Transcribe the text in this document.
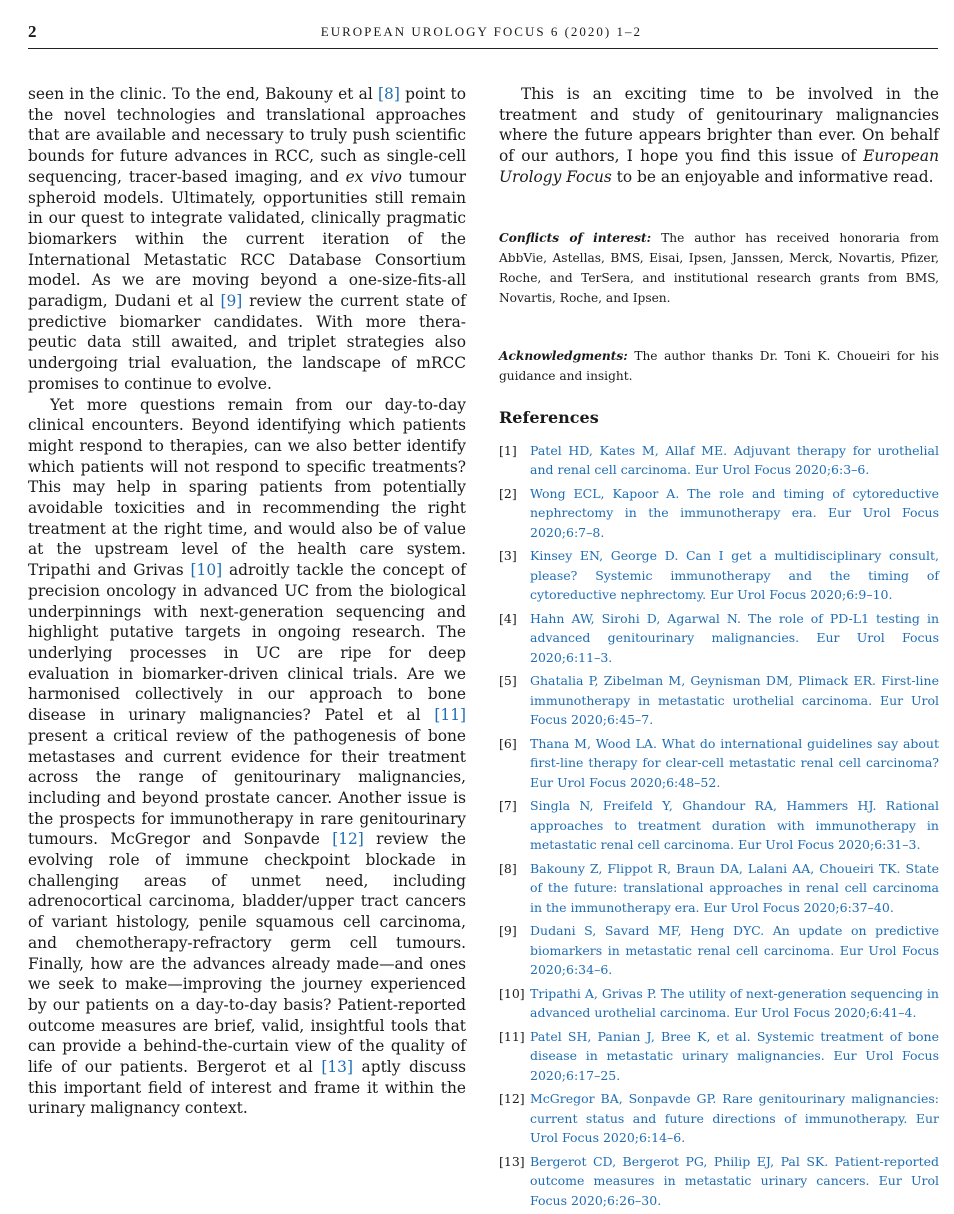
2	EUROPEAN UROLOGY FOCUS 6 (2020) 1–2

seen in the clinic. To the end, Bakouny et al [8] point to the novel technologies and translational approaches that are available and necessary to truly push scientific bounds for future advances in RCC, such as single-cell sequencing, tracer-based imaging, and ex vivo tumour spheroid models. Ultimately, opportunities still remain in our quest to integrate validated, clinically pragmatic biomarkers within the current iteration of the International Metastatic RCC Database Consortium model. As we are moving beyond a one-size-fits-all paradigm, Dudani et al [9] review the current state of predictive biomarker candidates. With more therapeutic data still awaited, and triplet strategies also undergoing trial evaluation, the landscape of mRCC promises to continue to evolve.

Yet more questions remain from our day-to-day clinical encounters. Beyond identifying which patients might respond to therapies, can we also better identify which patients will not respond to specific treatments? This may help in sparing patients from potentially avoidable toxicities and in recommending the right treatment at the right time, and would also be of value at the upstream level of the health care system. Tripathi and Grivas [10] adroitly tackle the concept of precision oncology in advanced UC from the biological underpinnings with next-generation sequencing and highlight putative targets in ongoing research. The underlying processes in UC are ripe for deep evaluation in biomarker-driven clinical trials. Are we harmonised collectively in our approach to bone disease in urinary malignancies? Patel et al [11] present a critical review of the pathogenesis of bone metastases and current evidence for their treatment across the range of genitourinary malignancies, including and beyond prostate cancer. Another issue is the prospects for immunotherapy in rare genitourinary tumours. McGregor and Sonpavde [12] review the evolving role of immune checkpoint blockade in challenging areas of unmet need, including adrenocortical carcinoma, bladder/upper tract cancers of variant histology, penile squamous cell carcinoma, and chemotherapy-refractory germ cell tumours. Finally, how are the advances already made—and ones we seek to make—improving the journey experienced by our patients on a day-to-day basis? Patient-reported outcome measures are brief, valid, insightful tools that can provide a behind-the-curtain view of the quality of life of our patients. Bergerot et al [13] aptly discuss this important field of interest and frame it within the urinary malignancy context.

This is an exciting time to be involved in the treatment and study of genitourinary malignancies where the future appears brighter than ever. On behalf of our authors, I hope you find this issue of European Urology Focus to be an enjoyable and informative read.

Conflicts of interest: The author has received honoraria from AbbVie, Astellas, BMS, Eisai, Ipsen, Janssen, Merck, Novartis, Pfizer, Roche, and TerSera, and institutional research grants from BMS, Novartis, Roche, and Ipsen.

Acknowledgments: The author thanks Dr. Toni K. Choueiri for his guidance and insight.

References
[1]	Patel HD, Kates M, Allaf ME. Adjuvant therapy for urothelial and renal cell carcinoma. Eur Urol Focus 2020;6:3–6.
[2]	Wong ECL, Kapoor A. The role and timing of cytoreductive nephrectomy in the immunotherapy era. Eur Urol Focus 2020;6:7–8.
[3]	Kinsey EN, George D. Can I get a multidisciplinary consult, please? Systemic immunotherapy and the timing of cytoreductive nephrectomy. Eur Urol Focus 2020;6:9–10.
[4]	Hahn AW, Sirohi D, Agarwal N. The role of PD-L1 testing in advanced genitourinary malignancies. Eur Urol Focus 2020;6:11–3.
[5]	Ghatalia P, Zibelman M, Geynisman DM, Plimack ER. First-line immunotherapy in metastatic urothelial carcinoma. Eur Urol Focus 2020;6:45–7.
[6]	Thana M, Wood LA. What do international guidelines say about first-line therapy for clear-cell metastatic renal cell carcinoma? Eur Urol Focus 2020;6:48–52.
[7]	Singla N, Freifeld Y, Ghandour RA, Hammers HJ. Rational approaches to treatment duration with immunotherapy in metastatic renal cell carcinoma. Eur Urol Focus 2020;6:31–3.
[8]	Bakouny Z, Flippot R, Braun DA, Lalani AA, Choueiri TK. State of the future: translational approaches in renal cell carcinoma in the immunotherapy era. Eur Urol Focus 2020;6:37–40.
[9]	Dudani S, Savard MF, Heng DYC. An update on predictive biomarkers in metastatic renal cell carcinoma. Eur Urol Focus 2020;6:34–6.
[10] Tripathi A, Grivas P. The utility of next-generation sequencing in advanced urothelial carcinoma. Eur Urol Focus 2020;6:41–4.
[11] Patel SH, Panian J, Bree K, et al. Systemic treatment of bone disease in metastatic urinary malignancies. Eur Urol Focus 2020;6:17–25.
[12] McGregor BA, Sonpavde GP. Rare genitourinary malignancies: current status and future directions of immunotherapy. Eur Urol Focus 2020;6:14–6.
[13] Bergerot CD, Bergerot PG, Philip EJ, Pal SK. Patient-reported outcome measures in metastatic urinary cancers. Eur Urol Focus 2020;6:26–30.
